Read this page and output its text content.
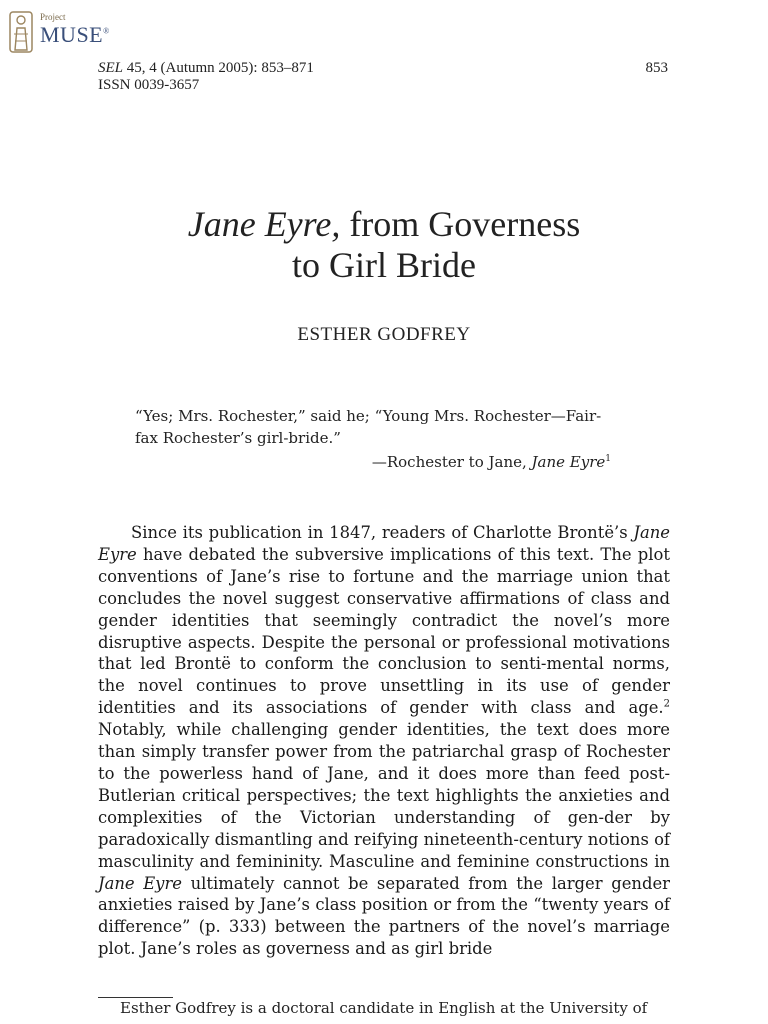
Project
MUSE®
SEL 45, 4 (Autumn 2005): 853–871
ISSN 0039-3657
853
Jane Eyre, from Governess
to Girl Bride
ESTHER GODFREY
“Yes; Mrs. Rochester,” said he; “Young Mrs. Rochester—Fair-fax Rochester’s girl-bride.”
—Rochester to Jane, Jane Eyre$^1$

Since its publication in 1847, readers of Charlotte Brontë’s Jane Eyre have debated the subversive implications of this text. The plot conventions of Jane’s rise to fortune and the marriage union that concludes the novel suggest conservative affirmations of class and gender identities that seemingly contradict the novel’s more disruptive aspects. Despite the personal or professional motivations that led Brontë to conform the conclusion to senti-mental norms, the novel continues to prove unsettling in its use of gender identities and its associations of gender with class and age.$^2$ Notably, while challenging gender identities, the text does more than simply transfer power from the patriarchal grasp of Rochester to the powerless hand of Jane, and it does more than feed post-Butlerian critical perspectives; the text highlights the anxieties and complexities of the Victorian understanding of gen-der by paradoxically dismantling and reifying nineteenth-century notions of masculinity and femininity. Masculine and feminine constructions in Jane Eyre ultimately cannot be separated from the larger gender anxieties raised by Jane’s class position or from the “twenty years of difference” (p. 333) between the partners of the novel’s marriage plot. Jane’s roles as governess and as girl bride

Esther Godfrey is a doctoral candidate in English at the University of
